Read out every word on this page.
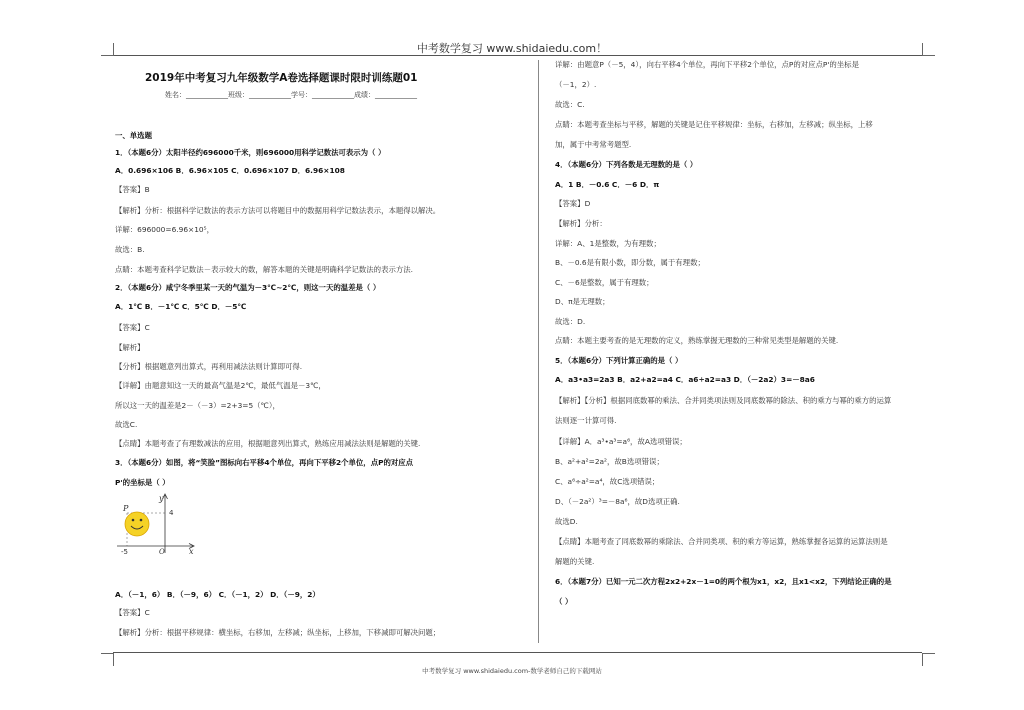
中考数学复习 www.shidaiedu.com！
2019年中考复习九年级数学A卷选择题课时限时训练题01
姓名：____________班级：____________学号：____________成绩：____________
一、单选题
1．（本题6分）太阳半径约696000千米，则696000用科学记数法可表示为（ ）
A．0.696×106 B．6.96×105 C．0.696×107 D．6.96×108
【答案】B
【解析】分析：根据科学记数法的表示方法可以将题目中的数据用科学记数法表示，本题得以解决。
详解：696000=6.96×10⁵，
故选：B.
点睛：本题考查科学记数法－表示较大的数，解答本题的关键是明确科学记数法的表示方法.
2．（本题6分）咸宁冬季里某一天的气温为－3℃~2℃，则这一天的温差是（ ）
A．1℃ B．－1℃ C．5℃ D．－5℃
【答案】C
【解析】
【分析】根据题意列出算式，再利用减法法则计算即可得.
【详解】由题意知这一天的最高气温是2℃，最低气温是－3℃，
所以这一天的温差是2－（－3）=2+3=5（℃），
故选C.
【点睛】本题考查了有理数减法的应用，根据题意列出算式，熟练应用减法法则是解题的关键.
3．（本题6分）如图，将“笑脸”图标向右平移4个单位，再向下平移2个单位，点P的对应点
P'的坐标是（ ）
y
P	4
-5	O	x
A．（－1，6） B．（－9，6） C．（－1，2） D．（－9，2）
【答案】C
【解析】分析：根据平移规律：横坐标，右移加，左移减；纵坐标，上移加，下移减即可解决问题；
详解：由题意P（－5，4），向右平移4个单位，再向下平移2个单位，点P的对应点P'的坐标是
（－1，2）.
故选：C.
点睛：本题考查坐标与平移，解题的关键是记住平移规律：坐标，右移加，左移减；纵坐标，上移
加，属于中考常考题型.
4．（本题6分）下列各数是无理数的是（ ）
A．1 B．－0.6 C．－6 D．π
【答案】D
【解析】分析：
详解：A、1是整数，为有理数；
B、－0.6是有限小数，即分数，属于有理数；
C、－6是整数，属于有理数；
D、π是无理数；
故选：D.
点睛：本题主要考查的是无理数的定义，熟练掌握无理数的三种常见类型是解题的关键.
5．（本题6分）下列计算正确的是（ ）
A．a3•a3=2a3 B．a2+a2=a4 C．a6÷a2=a3 D．（－2a2）3=－8a6
【解析】【分析】根据同底数幂的乘法、合并同类项法则及同底数幂的除法、积的乘方与幂的乘方的运算
法则逐一计算可得.
【详解】A．a³•a³=a⁶，故A选项错误；
B、a²+a²=2a²，故B选项错误；
C、a⁶÷a²=a⁴，故C选项错误；
D、（－2a²）³=－8a⁶，故D选项正确.
故选D.
【点睛】本题考查了同底数幂的乘除法、合并同类项、积的乘方等运算，熟练掌握各运算的运算法则是
解题的关键.
6．（本题7分）已知一元二次方程2x2+2x－1=0的两个根为x1，x2，且x1<x2，下列结论正确的是
（ ）
中考数学复习 www.shidaiedu.com-数学老师自己的下载网站
